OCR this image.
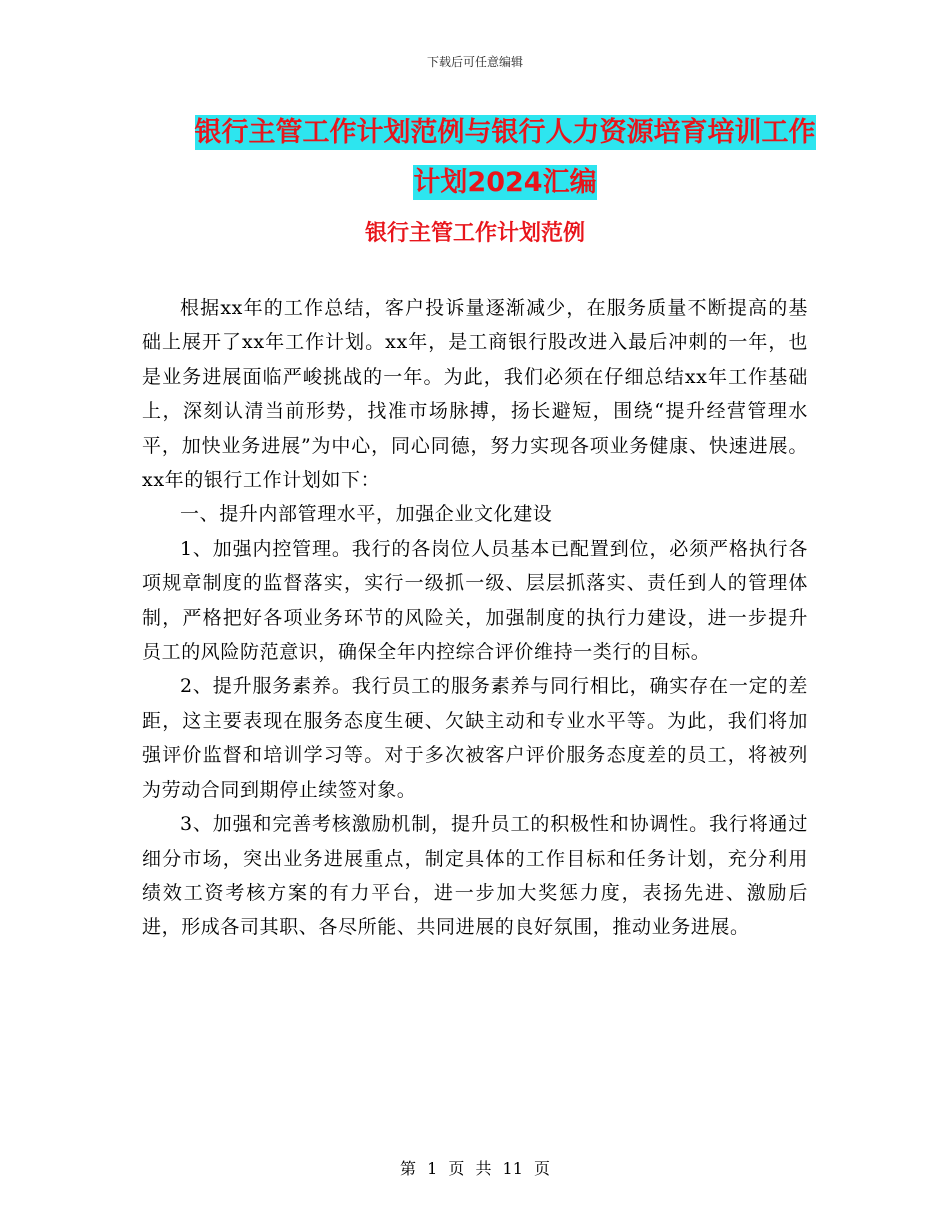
下载后可任意编辑
银行主管工作计划范例与银行人力资源培育培训工作
计划2024汇编
银行主管工作计划范例

根据xx年的工作总结，客户投诉量逐渐减少，在服务质量不断提高的基础上展开了xx年工作计划。xx年，是工商银行股改进入最后冲刺的一年，也是业务进展面临严峻挑战的一年。为此，我们必须在仔细总结xx年工作基础上，深刻认清当前形势，找准市场脉搏，扬长避短，围绕“提升经营管理水平，加快业务进展”为中心，同心同德，努力实现各项业务健康、快速进展。xx年的银行工作计划如下：

一、提升内部管理水平，加强企业文化建设

1、加强内控管理。我行的各岗位人员基本已配置到位，必须严格执行各项规章制度的监督落实，实行一级抓一级、层层抓落实、责任到人的管理体制，严格把好各项业务环节的风险关，加强制度的执行力建设，进一步提升员工的风险防范意识，确保全年内控综合评价维持一类行的目标。

2、提升服务素养。我行员工的服务素养与同行相比，确实存在一定的差距，这主要表现在服务态度生硬、欠缺主动和专业水平等。为此，我们将加强评价监督和培训学习等。对于多次被客户评价服务态度差的员工，将被列为劳动合同到期停止续签对象。

3、加强和完善考核激励机制，提升员工的积极性和协调性。我行将通过细分市场，突出业务进展重点，制定具体的工作目标和任务计划，充分利用绩效工资考核方案的有力平台，进一步加大奖惩力度，表扬先进、激励后进，形成各司其职、各尽所能、共同进展的良好氛围，推动业务进展。

第 1 页 共 11 页
